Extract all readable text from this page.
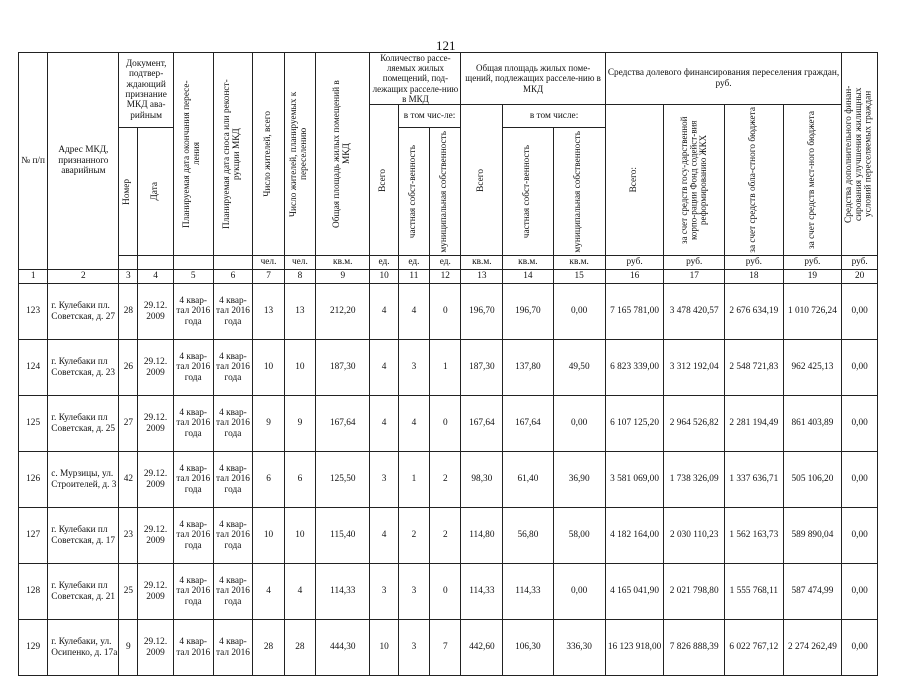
121
№ п/п	Адрес МКД, признанного аварийным	Документ, подтвер-ждающий признание МКД ава-рийным		Планируемая дата окончания пересе-ления	Планируемая дата сноса или реконст-рукции МКД	Число жителей, всего	Число жителей, планируемых к переселению	Общая площадь жилых помещений в МКД	Количество рассе-ляемых жилых помещений, под-лежащих расселе-нию в МКД			Общая площадь жилых поме-щений, подлежащих расселе-нию в МКД			Средства долевого финансирования переселения граждан, руб.				Средства дополнительного финан-сирования улучшения жилищных условий переселяемых граждан

									Всего	в том чис-ле:		Всего	в том числе:		Всего:	за счет средств госу-дарственной корпо-рации Фонд содейст-вия реформированию ЖКХ	за счет средств обла-стного бюджета	за счет средств мест-ного бюджета	

		Номер	Дата							частная собст-венность	муниципальная собственность		частная собст-венность	муниципальная собственность					

						чел.	чел.	кв.м.	ед.	ед.	ед.	кв.м.	кв.м.	кв.м.	руб.	руб.	руб.	руб.	руб.
1	2	3	4	5	6	7	8	9	10	11	12	13	14	15	16	17	18	19	20
123	г. Кулебаки пл. Советская, д. 27	28	29.12. 2009	4 квар-тал 2016 года	4 квар-тал 2016 года	13	13	212,20	4	4	0	196,70	196,70	0,00	7 165 781,00	3 478 420,57	2 676 634,19	1 010 726,24	0,00
124	г. Кулебаки пл Советская, д. 23	26	29.12. 2009	4 квар-тал 2016 года	4 квар-тал 2016 года	10	10	187,30	4	3	1	187,30	137,80	49,50	6 823 339,00	3 312 192,04	2 548 721,83	962 425,13	0,00
125	г. Кулебаки пл Советская, д. 25	27	29.12. 2009	4 квар-тал 2016 года	4 квар-тал 2016 года	9	9	167,64	4	4	0	167,64	167,64	0,00	6 107 125,20	2 964 526,82	2 281 194,49	861 403,89	0,00
126	с. Мурзицы, ул. Строителей, д. 3	42	29.12. 2009	4 квар-тал 2016 года	4 квар-тал 2016 года	6	6	125,50	3	1	2	98,30	61,40	36,90	3 581 069,00	1 738 326,09	1 337 636,71	505 106,20	0,00
127	г. Кулебаки пл Советская, д. 17	23	29.12. 2009	4 квар-тал 2016 года	4 квар-тал 2016 года	10	10	115,40	4	2	2	114,80	56,80	58,00	4 182 164,00	2 030 110,23	1 562 163,73	589 890,04	0,00
128	г. Кулебаки пл Советская, д. 21	25	29.12. 2009	4 квар-тал 2016 года	4 квар-тал 2016 года	4	4	114,33	3	3	0	114,33	114,33	0,00	4 165 041,90	2 021 798,80	1 555 768,11	587 474,99	0,00
129	г. Кулебаки, ул. Осипенко, д. 17а	9	29.12. 2009	4 квар-тал 2016	4 квар-тал 2016	28	28	444,30	10	3	7	442,60	106,30	336,30	16 123 918,00	7 826 888,39	6 022 767,12	2 274 262,49	0,00
